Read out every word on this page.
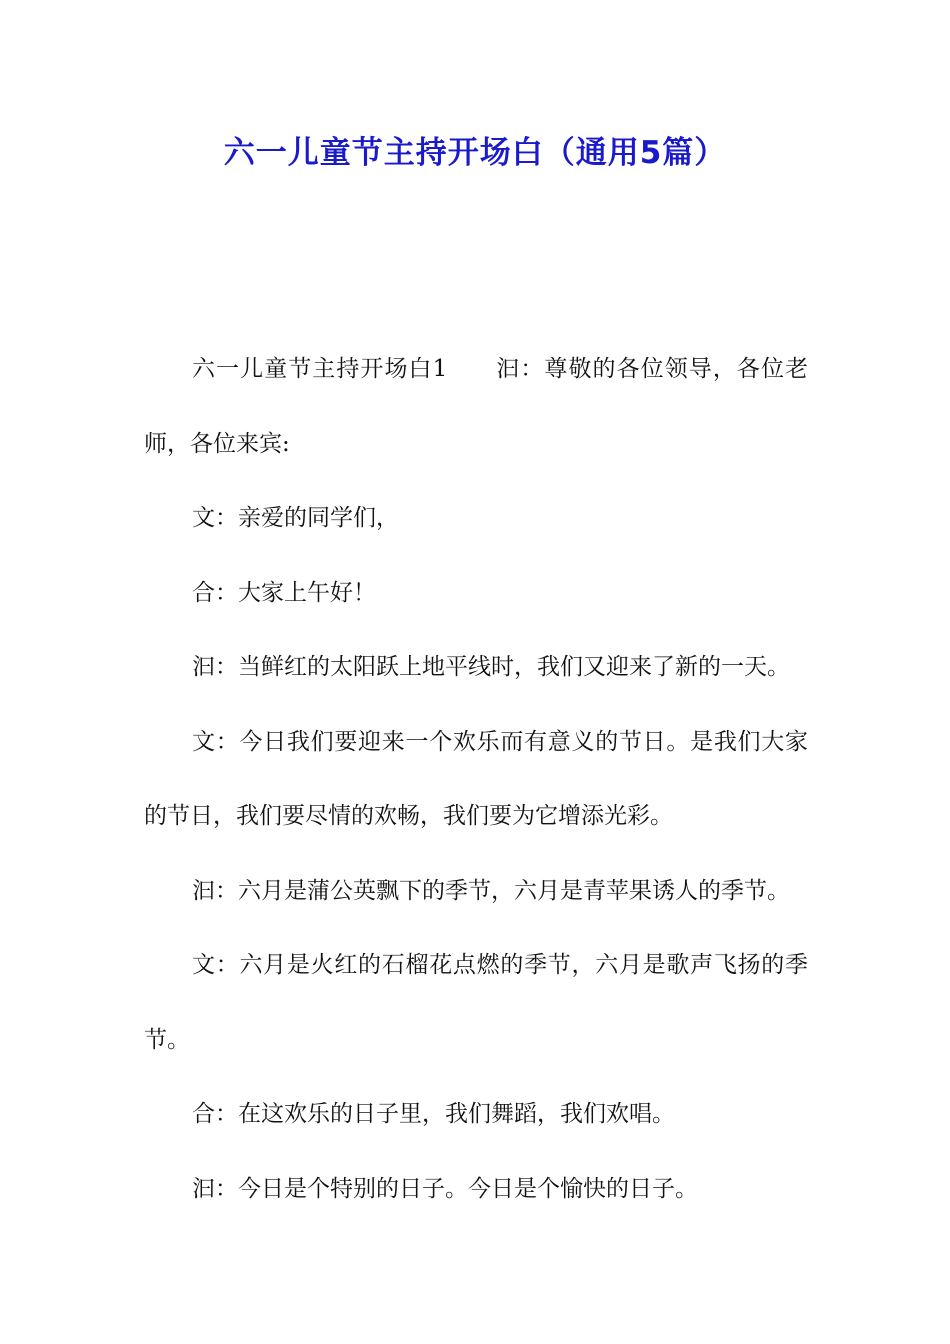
六一儿童节主持开场白（通用5篇）

六一儿童节主持开场白1 汩：尊敬的各位领导，各位老师，各位来宾:

文：亲爱的同学们，

合：大家上午好！

汩：当鲜红的太阳跃上地平线时，我们又迎来了新的一天。

文：今日我们要迎来一个欢乐而有意义的节日。是我们大家的节日，我们要尽情的欢畅，我们要为它增添光彩。

汩：六月是蒲公英飘下的季节，六月是青苹果诱人的季节。

文：六月是火红的石榴花点燃的季节，六月是歌声飞扬的季节。

合：在这欢乐的日子里，我们舞蹈，我们欢唱。

汩：今日是个特别的日子。今日是个愉快的日子。
